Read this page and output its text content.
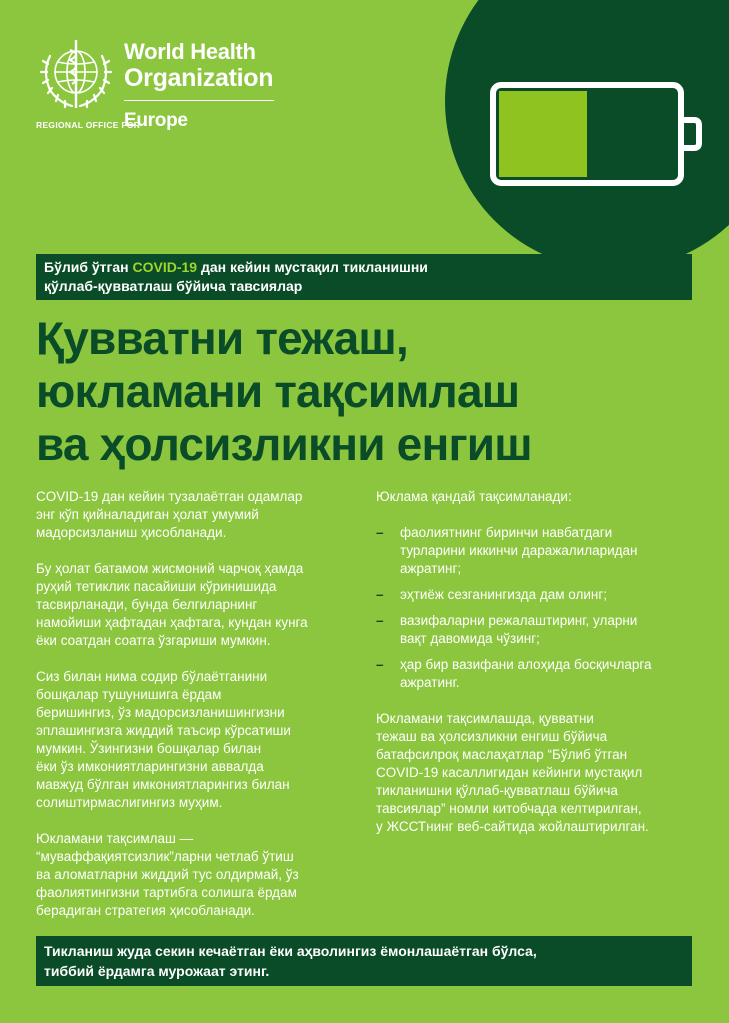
World Health
Organization
REGIONAL OFFICE FOR
Europe
Бўлиб ўтган COVID-19 дан кейин мустақил тикланишни
қўллаб-қувватлаш бўйича тавсиялар
Қувватни тежаш,
юкламани тақсимлаш
ва ҳолсизликни енгиш

COVID-19 дан кейин тузалаётган одамлар
энг кўп қийналадиган ҳолат умумий
мадорсизланиш ҳисобланади.

Бу ҳолат батамом жисмоний чарчоқ ҳамда
руҳий тетиклик пасайиши кўринишида
тасвирланади, бунда белгиларнинг
намойиши ҳафтадан ҳафтага, кундан кунга
ёки соатдан соатга ўзгариши мумкин.

Сиз билан нима содир бўлаётганини
бошқалар тушунишига ёрдам
беришингиз, ўз мадорсизланишингизни
эплашингизга жиддий таъсир кўрсатиши
мумкин. Ўзингизни бошқалар билан
ёки ўз имкониятларингизни аввалда
мавжуд бўлган имкониятларингиз билан
солиштирмаслигингиз муҳим.

Юкламани тақсимлаш —
“муваффақиятсизлик”ларни четлаб ўтиш
ва аломатларни жиддий тус олдирмай, ўз
фаолиятингизни тартибга солишга ёрдам
берадиган стратегия ҳисобланади.

Юклама қандай тақсимланади:
– фаолиятнинг биринчи навбатдаги
турларини иккинчи даражалиларидан
ажратинг;
– эҳтиёж сезганингизда дам олинг;
– вазифаларни режалаштиринг, уларни
вақт давомида чўзинг;
– ҳар бир вазифани алоҳида босқичларга
ажратинг.

Юкламани тақсимлашда, қувватни
тежаш ва ҳолсизликни енгиш бўйича
батафсилроқ маслаҳатлар “Бўлиб ўтган
COVID-19 касаллигидан кейинги мустақил
тикланишни қўллаб-қувватлаш бўйича
тавсиялар” номли китобчада келтирилган,
у ЖССТнинг веб-сайтида жойлаштирилган.

Тикланиш жуда секин кечаётган ёки аҳволингиз ёмонлашаётган бўлса,
тиббий ёрдамга мурожаат этинг.
